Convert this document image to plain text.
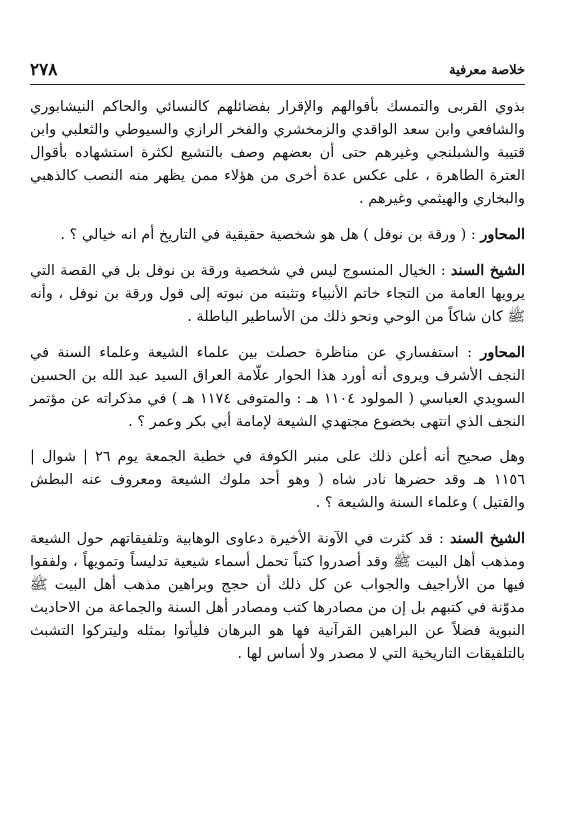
٢٧٨	خلاصة معرفية

بذوي القربى والتمسك بأقوالهم والإقرار بفضائلهم كالنسائي والحاكم النيشابوري والشافعي وابن سعد الواقدي والزمخشري والفخر الرازي والسيوطي والثعلبي وابن قتيبة والشبلنجي وغيرهم حتى أن بعضهم وصف بالتشيع لكثرة استشهاده بأقوال العترة الطاهرة ، على عكس عدة أخرى من هؤلاء ممن يظهر منه النصب كالذهبي والبخاري والهيثمي وغيرهم .

المحاور : ( ورقة بن نوفل ) هل هو شخصية حقيقية في التاريخ أم انه خيالي ؟ .

الشيخ السند : الخيال المنسوج ليس في شخصية ورقة بن نوفل بل في القصة التي يرويها العامة من التجاء خاتم الأنبياء وتثبته من نبوته إلى قول ورقة بن نوفل ، وأنه ﷺ كان شاكاً من الوحي ونحو ذلك من الأساطير الباطلة .

المحاور : استفساري عن مناظرة حصلت بين علماء الشيعة وعلماء السنة في النجف الأشرف ويروى أنه أورد هذا الحوار علّامة العراق السيد عبد الله بن الحسين السويدي العباسي ( المولود ١١٠٤ هـ : والمتوفى ١١٧٤ هـ ) في مذكراته عن مؤتمر النجف الذي انتهى بخضوع مجتهدي الشيعة لإمامة أبي بكر وعمر ؟ .

وهل صحيح أنه أعلن ذلك على منبر الكوفة في خطبة الجمعة يوم ٢٦ | شوال | ١١٥٦ هـ وقد حضرها نادر شاه ( وهو أحد ملوك الشيعة ومعروف عنه البطش والقتيل ) وعلماء السنة والشيعة ؟ .

الشيخ السند : قد كثرت في الآونة الأخيرة دعاوى الوهابية وتلفيقاتهم حول الشيعة ومذهب أهل البيت ﷺ وقد أصدروا كتباً تحمل أسماء شيعية تدليساً وتمويهاً ، ولفقوا فيها من الأراجيف والجواب عن كل ذلك أن حجج وبراهين مذهب أهل البيت ﷺ مدوّنة في كتبهم بل إن من مصادرها كتب ومصادر أهل السنة والجماعة من الاحاديث النبوية فضلاً عن البراهين القرآنية فها هو البرهان فليأتوا بمثله وليتركوا التشبث بالتلفيقات التاريخية التي لا مصدر ولا أساس لها .
